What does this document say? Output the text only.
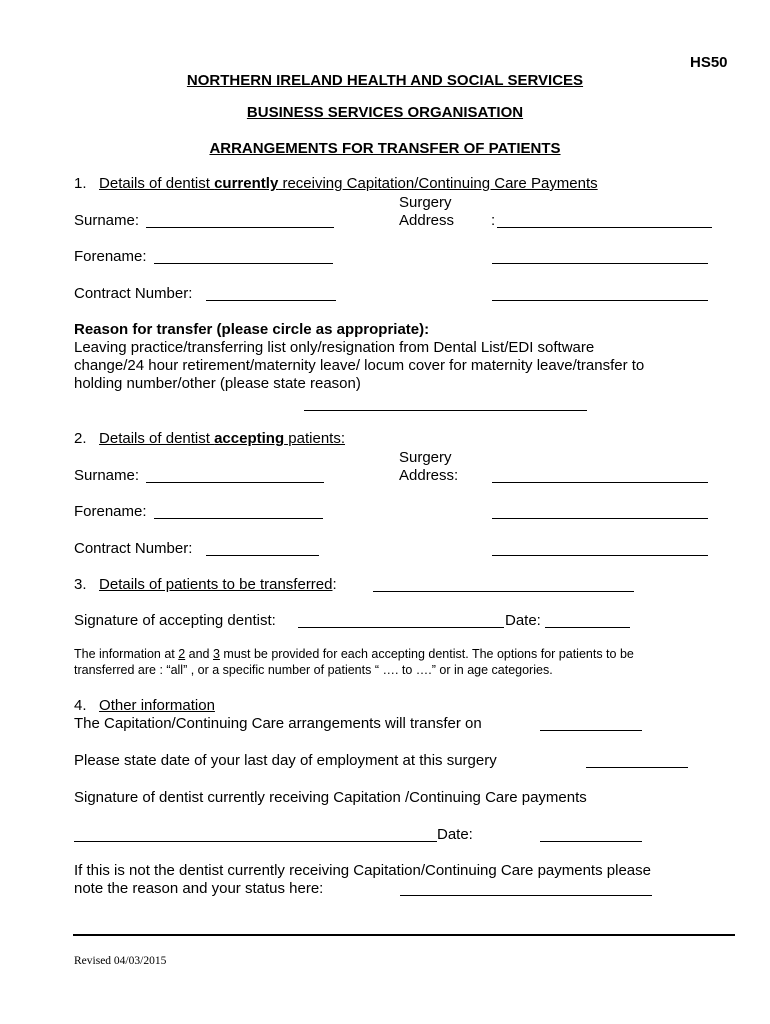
HS50
NORTHERN IRELAND HEALTH AND SOCIAL SERVICES
BUSINESS SERVICES ORGANISATION
ARRANGEMENTS FOR TRANSFER OF PATIENTS
1. Details of dentist currently receiving Capitation/Continuing Care Payments
Surgery
Surname:	Address :
Forename:
Contract Number:
Reason for transfer (please circle as appropriate):
Leaving practice/transferring list only/resignation from Dental List/EDI software
change/24 hour retirement/maternity leave/ locum cover for maternity leave/transfer to
holding number/other (please state reason)
2. Details of dentist accepting patients:
Surgery
Surname:	Address:
Forename:
Contract Number:
3. Details of patients to be transferred:
Signature of accepting dentist:	Date:
The information at 2 and 3 must be provided for each accepting dentist. The options for patients to be
transferred are : “all” , or a specific number of patients “ …. to ….” or in age categories.
4. Other information
The Capitation/Continuing Care arrangements will transfer on
Please state date of your last day of employment at this surgery
Signature of dentist currently receiving Capitation /Continuing Care payments
Date:
If this is not the dentist currently receiving Capitation/Continuing Care payments please
note the reason and your status here:
Revised 04/03/2015
